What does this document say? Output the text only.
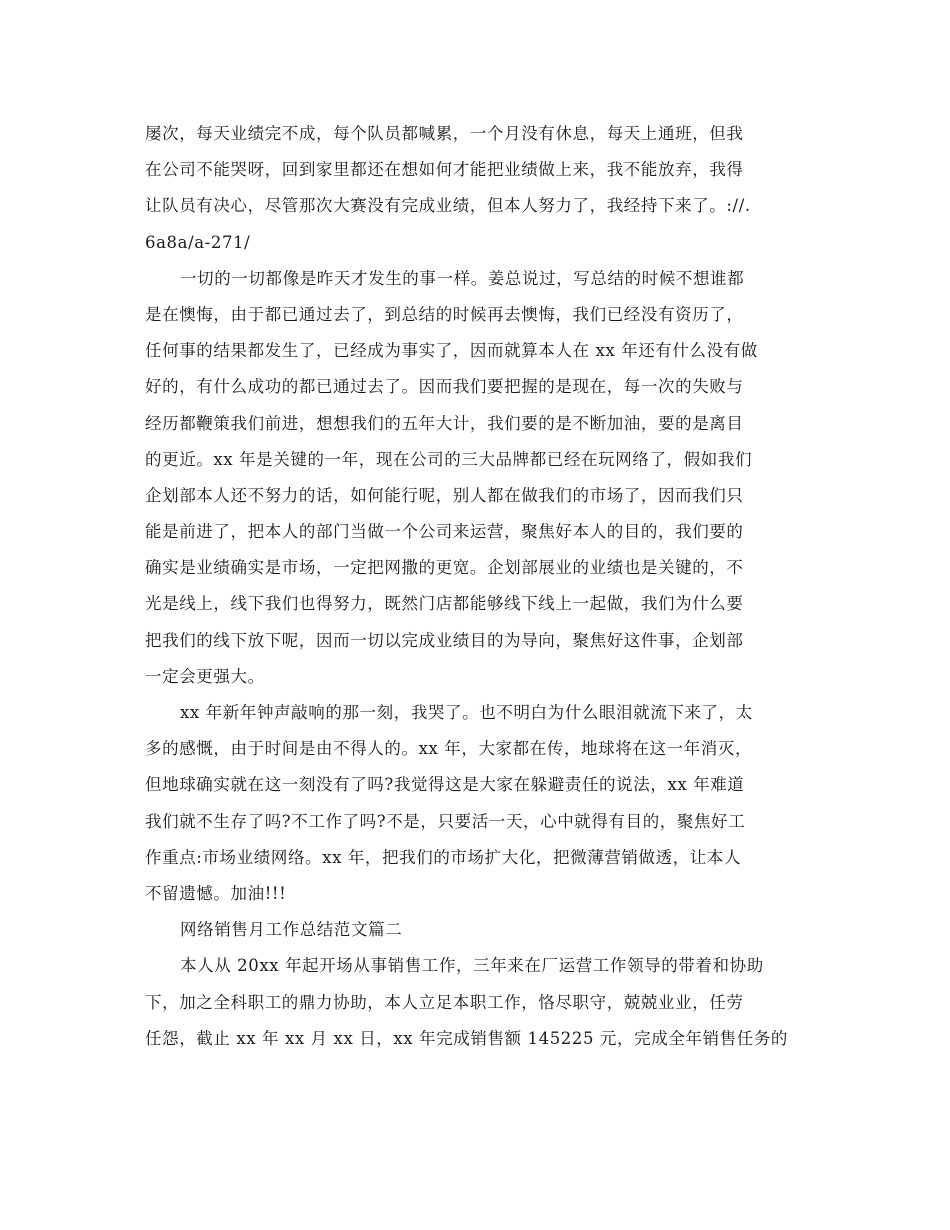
屡次，每天业绩完不成，每个队员都喊累，一个月没有休息，每天上通班，但我
在公司不能哭呀，回到家里都还在想如何才能把业绩做上来，我不能放弃，我得
让队员有决心，尽管那次大赛没有完成业绩，但本人努力了，我经持下来了。://.
6a8a/a-271/
一切的一切都像是昨天才发生的事一样。姜总说过，写总结的时候不想谁都
是在懊悔，由于都已通过去了，到总结的时候再去懊悔，我们已经没有资历了，
任何事的结果都发生了，已经成为事实了，因而就算本人在 xx 年还有什么没有做
好的，有什么成功的都已通过去了。因而我们要把握的是现在，每一次的失败与
经历都鞭策我们前进，想想我们的五年大计，我们要的是不断加油，要的是离目
的更近。xx 年是关键的一年，现在公司的三大品牌都已经在玩网络了，假如我们
企划部本人还不努力的话，如何能行呢，别人都在做我们的市场了，因而我们只
能是前进了，把本人的部门当做一个公司来运营，聚焦好本人的目的，我们要的
确实是业绩确实是市场，一定把网撒的更宽。企划部展业的业绩也是关键的，不
光是线上，线下我们也得努力，既然门店都能够线下线上一起做，我们为什么要
把我们的线下放下呢，因而一切以完成业绩目的为导向，聚焦好这件事，企划部
一定会更强大。
xx 年新年钟声敲响的那一刻，我哭了。也不明白为什么眼泪就流下来了，太
多的感慨，由于时间是由不得人的。xx 年，大家都在传，地球将在这一年消灭，
但地球确实就在这一刻没有了吗?我觉得这是大家在躲避责任的说法，xx 年难道
我们就不生存了吗?不工作了吗?不是，只要活一天，心中就得有目的，聚焦好工
作重点:市场业绩网络。xx 年，把我们的市场扩大化，把微薄营销做透，让本人
不留遗憾。加油!!!
网络销售月工作总结范文篇二
本人从 20xx 年起开场从事销售工作，三年来在厂运营工作领导的带着和协助
下，加之全科职工的鼎力协助，本人立足本职工作，恪尽职守，兢兢业业，任劳
任怨，截止 xx 年 xx 月 xx 日，xx 年完成销售额 145225 元，完成全年销售任务的
